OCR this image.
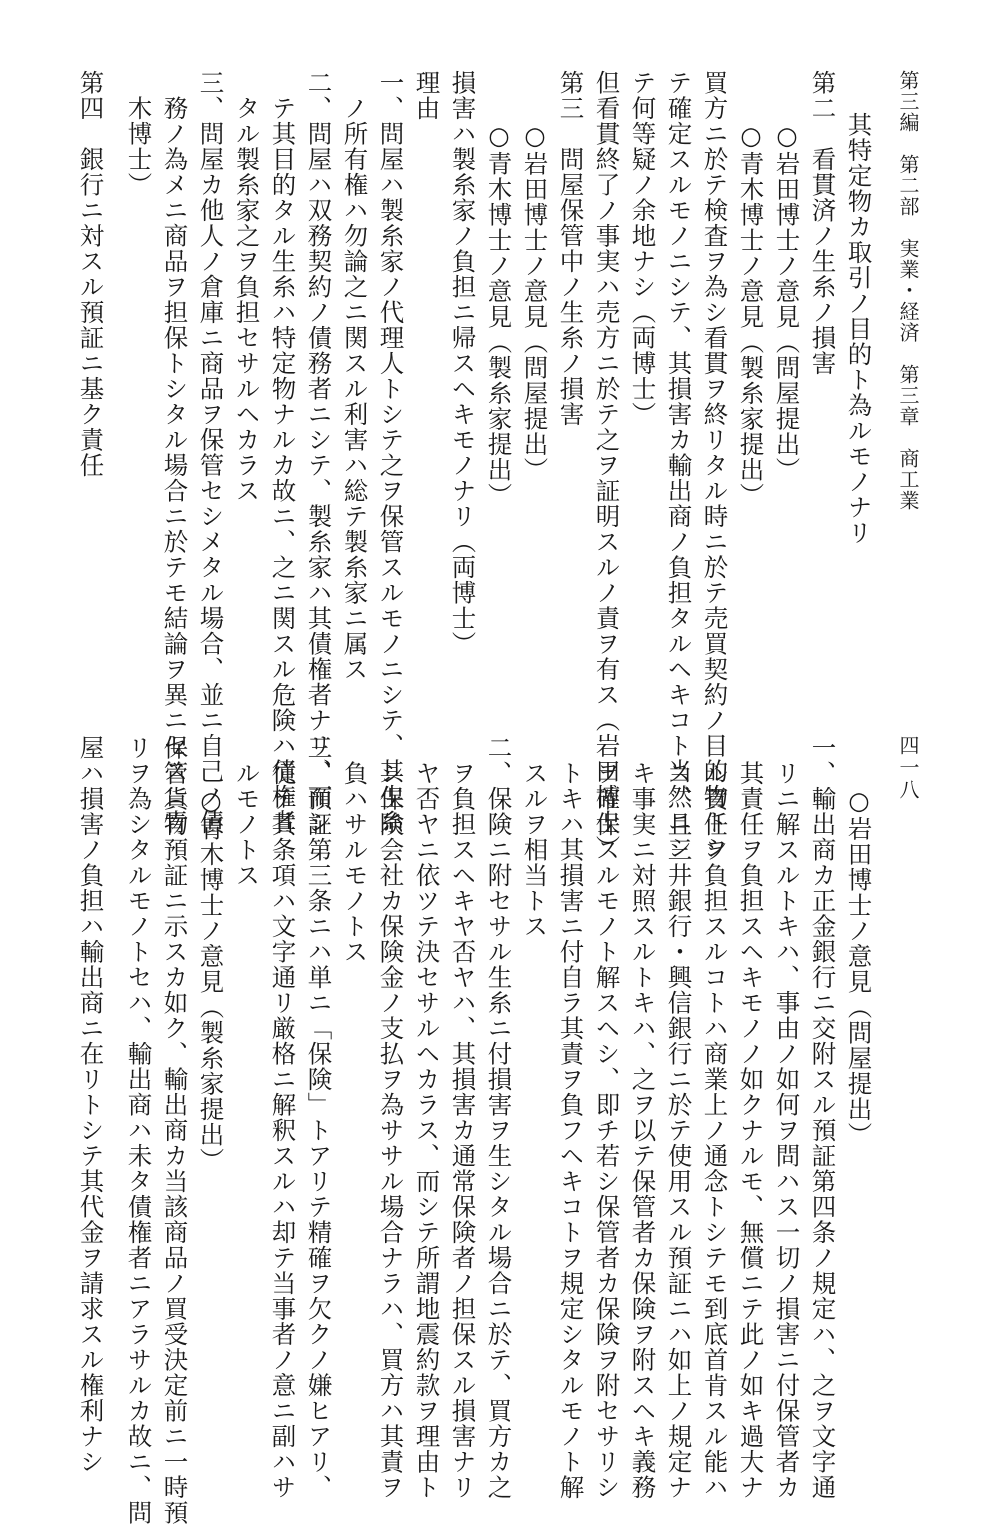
第三編　第二部　実業・経済　第三章　商工業
四一八
其特定物カ取引ノ目的ト為ルモノナリ
第二　看貫済ノ生糸ノ損害
　　○岩田博士ノ意見（問屋提出）
　　○青木博士ノ意見（製糸家提出）
買方ニ於テ検査ヲ為シ看貫ヲ終リタル時ニ於テ売買契約ノ目的物トシ
テ確定スルモノニシテ、其損害カ輸出商ノ負担タルヘキコト当然ニシ
テ何等疑ノ余地ナシ（両博士）
但看貫終了ノ事実ハ売方ニ於テ之ヲ証明スルノ責ヲ有ス（岩田博士）
第三　問屋保管中ノ生糸ノ損害
　　○岩田博士ノ意見（問屋提出）
　　○青木博士ノ意見（製糸家提出）
損害ハ製糸家ノ負担ニ帰スヘキモノナリ（両博士）
理由
一、問屋ハ製糸家ノ代理人トシテ之ヲ保管スルモノニシテ、其生糸
　ノ所有権ハ勿論之ニ関スル利害ハ総テ製糸家ニ属ス
二、問屋ハ双務契約ノ債務者ニシテ、製糸家ハ其債権者ナリ、而シ
　テ其目的タル生糸ハ特定物ナルカ故ニ、之ニ関スル危険ハ債権者
　タル製糸家之ヲ負担セサルヘカラス
三、問屋カ他人ノ倉庫ニ商品ヲ保管セシメタル場合、並ニ自己ノ債
　務ノ為メニ商品ヲ担保トシタル場合ニ於テモ結論ヲ異ニセス（青
　木博士）
第四　銀行ニ対スル預証ニ基ク責任
　　○岩田博士ノ意見（問屋提出）
一、輸出商カ正金銀行ニ交附スル預証第四条ノ規定ハ、之ヲ文字通
　リニ解スルトキハ、事由ノ如何ヲ問ハス一切ノ損害ニ付保管者カ
　其責任ヲ負担スヘキモノノ如クナルモ、無償ニテ此ノ如キ過大ナ
　ル責任ヲ負担スルコトハ商業上ノ通念トシテモ到底首肯スル能ハ
　ス、且三井銀行・興信銀行ニ於テ使用スル預証ニハ如上ノ規定ナ
　キ事実ニ対照スルトキハ、之ヲ以テ保管者カ保険ヲ附スヘキ義務
　ヲ確保スルモノト解スヘシ、即チ若シ保管者カ保険ヲ附セサリシ
　トキハ其損害ニ付自ラ其責ヲ負フヘキコトヲ規定シタルモノト解
　スルヲ相当トス
二、保険ニ附セサル生糸ニ付損害ヲ生シタル場合ニ於テ、買方カ之
　ヲ負担スヘキヤ否ヤハ、其損害カ通常保険者ノ担保スル損害ナリ
　ヤ否ヤニ依ツテ決セサルヘカラス、而シテ所謂地震約款ヲ理由ト
　シ保険会社カ保険金ノ支払ヲ為ササル場合ナラハ、買方ハ其責ヲ
　負ハサルモノトス
三、預証第三条ニハ単ニ「保険」トアリテ精確ヲ欠クノ嫌ヒアリ、
　従テ其条項ハ文字通リ厳格ニ解釈スルハ却テ当事者ノ意ニ副ハサ
　ルモノトス
　　○青木博士ノ意見（製糸家提出）
保管貨物預証ニ示スカ如ク、輸出商カ当該商品ノ買受決定前ニ一時預
リヲ為シタルモノトセハ、輸出商ハ未タ債権者ニアラサルカ故ニ、問
屋ハ損害ノ負担ハ輸出商ニ在リトシテ其代金ヲ請求スル権利ナシ
